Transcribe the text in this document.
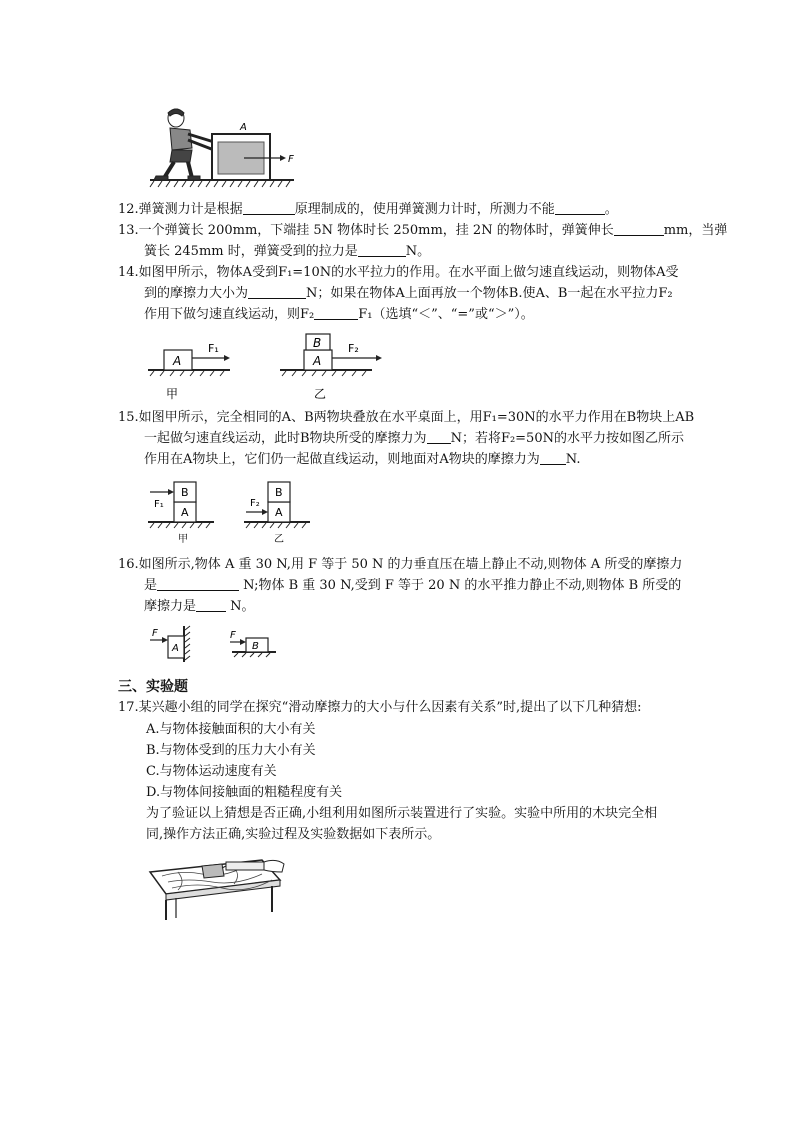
A
F
12.弹簧测力计是根据	原理制成的，使用弹簧测力计时，所测力不能	。
13.一个弹簧长 200mm，下端挂 5N 物体时长 250mm，挂 2N 的物体时，弹簧伸长	mm，当弹
簧长 245mm 时，弹簧受到的拉力是	N。
14.如图甲所示，物体A受到F₁=10N的水平拉力的作用。在水平面上做匀速直线运动，则物体A受
到的摩擦力大小为	N；如果在物体A上面再放一个物体B.使A、B一起在水平拉力F₂
作用下做匀速直线运动，则F₂	F₁（选填“＜”、“=”或“＞”）。
A
F₁
甲
A
B F₂
乙
15.如图甲所示，完全相同的A、B两物块叠放在水平桌面上，用F₁=30N的水平力作用在B物块上AB
一起做匀速直线运动，此时B物块所受的摩擦力为 N；若将F₂=50N的水平力按如图乙所示
作用在A物块上，它们仍一起做直线运动，则地面对A物块的摩擦力为 N.
A
B
F₁
甲
A
B
F₂
乙
16.如图所示,物体 A 重 30 N,用 F 等于 50 N 的力垂直压在墙上静止不动,则物体 A 所受的摩擦力
是	N;物体 B 重 30 N,受到 F 等于 20 N 的水平推力静止不动,则物体 B 所受的
摩擦力是	N。
A
F
B
F
三、实验题
17.某兴趣小组的同学在探究“滑动摩擦力的大小与什么因素有关系”时,提出了以下几种猜想:
A.与物体接触面积的大小有关
B.与物体受到的压力大小有关
C.与物体运动速度有关
D.与物体间接触面的粗糙程度有关
为了验证以上猜想是否正确,小组利用如图所示装置进行了实验。实验中所用的木块完全相
同,操作方法正确,实验过程及实验数据如下表所示。
